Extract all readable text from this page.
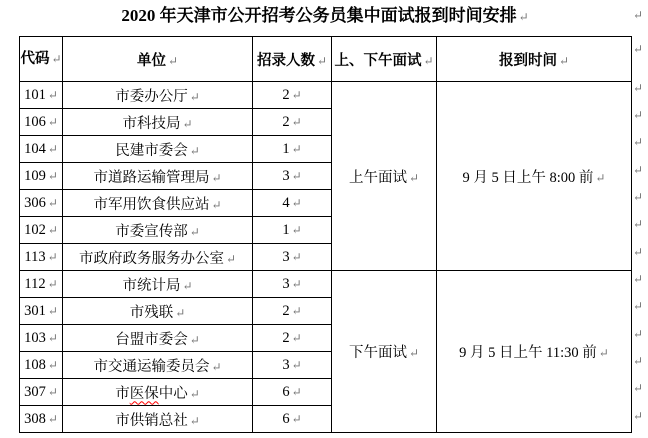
2020 年天津市公开招考公务员集中面试报到时间安排 ↵
代码 ↵	单位 ↵	招录人数 ↵	上、下午面试 ↵	报到时间 ↵
101 ↵	市委办公厅 ↵	2 ↵	上午面试 ↵	9 月 5 日上午 8:00 前 ↵
106 ↵	市科技局 ↵	2 ↵		
104 ↵	民建市委会 ↵	1 ↵		
109 ↵	市道路运输管理局 ↵	3 ↵		
306 ↵	市军用饮食供应站 ↵	4 ↵		
102 ↵	市委宣传部 ↵	1 ↵		
113 ↵	市政府政务服务办公室 ↵	3 ↵		
112 ↵	市统计局 ↵	3 ↵	下午面试 ↵	9 月 5 日上午 11:30 前 ↵
301 ↵	市残联 ↵	2 ↵		
103 ↵	台盟市委会 ↵	2 ↵		
108 ↵	市交通运输委员会 ↵	3 ↵		
307 ↵	市医保中心 ↵	6 ↵		
308 ↵	市供销总社 ↵	6 ↵		
↵
↵
↵
↵
↵
↵
↵
↵
↵
↵
↵
↵
↵
↵
↵
